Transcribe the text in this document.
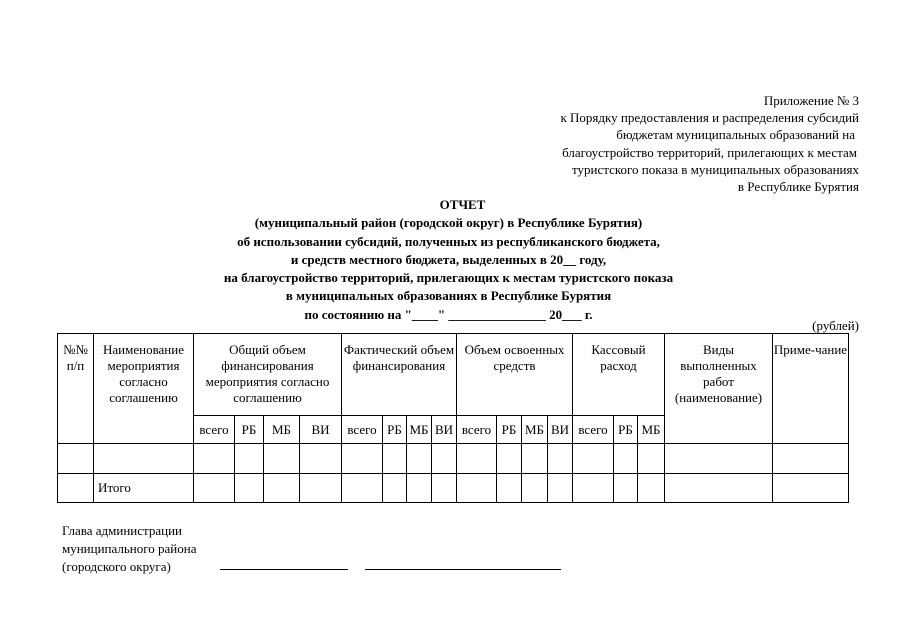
Приложение № 3
к Порядку предоставления и распределения субсидий
бюджетам муниципальных образований на
благоустройство территорий, прилегающих к местам
туристского показа в муниципальных образованиях
в Республике Бурятия
ОТЧЕТ
(муниципальный район (городской округ) в Республике Бурятия)
об использовании субсидий, полученных из республиканского бюджета,
и средств местного бюджета, выделенных в 20__ году,
на благоустройство территорий, прилегающих к местам туристского показа
в муниципальных образованиях в Республике Бурятия
по состоянию на "____" _______________ 20___ г.
(рублей)
№№ п/п	Наименование мероприятия согласно соглашению	Общий объем финансирования мероприятия согласно соглашению				Фактический объем финансирования				Объем освоенных средств				Кассовый расход			Виды выполненных работ (наименование)	Приме-чание
		всего	РБ	МБ	ВИ	всего	РБ	МБ	ВИ	всего	РБ	МБ	ВИ	всего	РБ	МБ		

	Итого																	
Глава администрации
муниципального района
(городского округа)
